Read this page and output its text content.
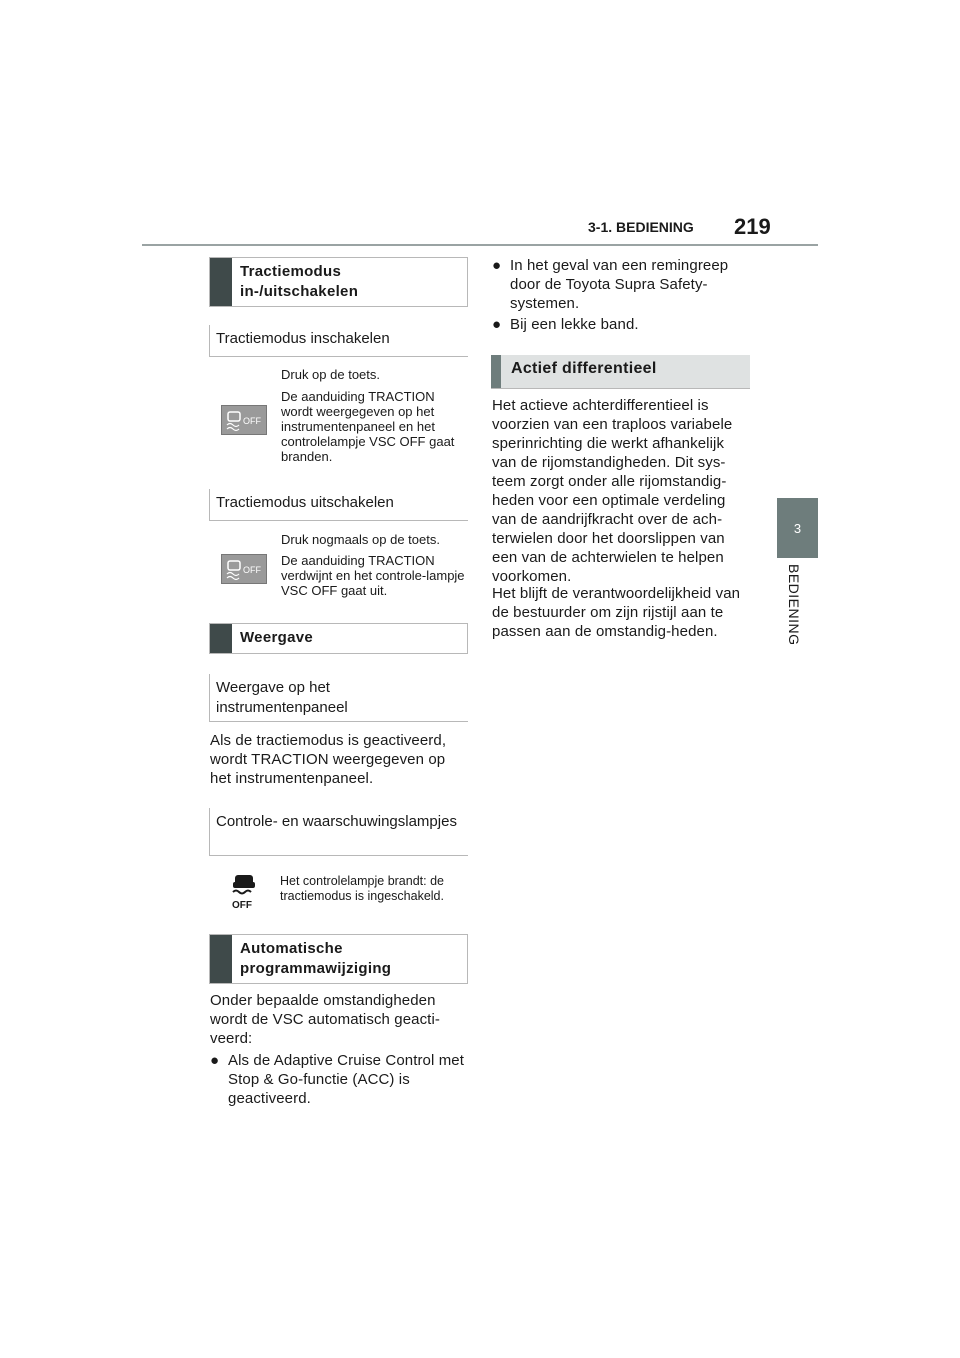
3-1. BEDIENING 219
3
BEDIENING
Tractiemodus
in-/uitschakelen
Tractiemodus inschakelen
OFF
Druk op de toets.
De aanduiding TRACTION wordt weergegeven op het instrumentenpaneel en het controlelampje VSC OFF gaat branden.
Tractiemodus uitschakelen
OFF
Druk nogmaals op de toets.
De aanduiding TRACTION verdwijnt en het controle-lampje VSC OFF gaat uit.
Weergave
Weergave op het instrumentenpaneel
Als de tractiemodus is geactiveerd, wordt TRACTION weergegeven op het instrumentenpaneel.
Controle- en waarschuwingslampjes
OFF
Het controlelampje brandt: de tractiemodus is ingeschakeld.
Automatische programmawijziging
Onder bepaalde omstandigheden wordt de VSC automatisch geacti-veerd:
● Als de Adaptive Cruise Control met Stop & Go-functie (ACC) is geactiveerd.
● In het geval van een remingreep door de Toyota Supra Safety-systemen.
● Bij een lekke band.
Actief differentieel
Het actieve achterdifferentieel is voorzien van een traploos variabele sperinrichting die werkt afhankelijk van de rijomstandigheden. Dit sys-teem zorgt onder alle rijomstandig-heden voor een optimale verdeling van de aandrijfkracht over de ach-terwielen door het doorslippen van een van de achterwielen te helpen voorkomen.
Het blijft de verantwoordelijkheid van de bestuurder om zijn rijstijl aan te passen aan de omstandig-heden.
